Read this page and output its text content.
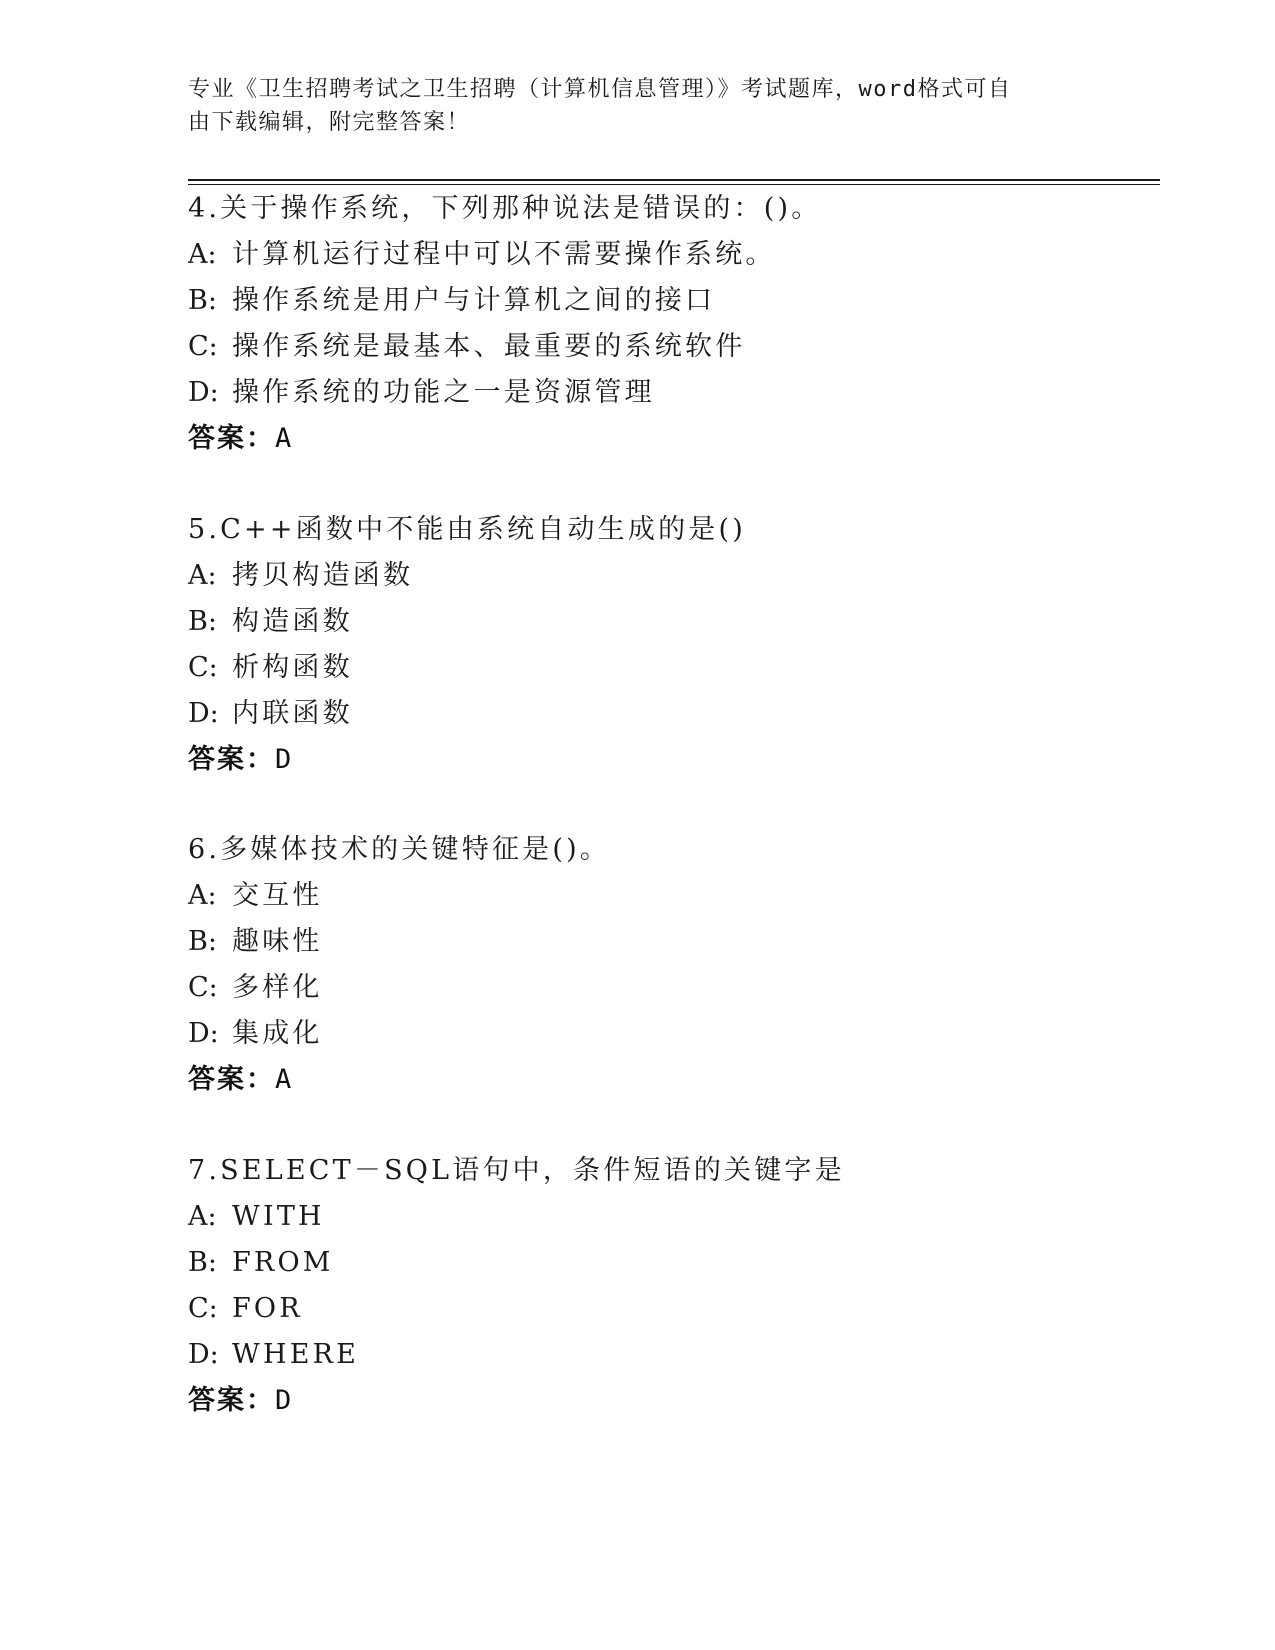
专业《卫生招聘考试之卫生招聘（计算机信息管理）》考试题库，word格式可自
由下载编辑，附完整答案！
4.关于操作系统，下列那种说法是错误的：()。
A: 计算机运行过程中可以不需要操作系统。
B: 操作系统是用户与计算机之间的接口
C: 操作系统是最基本、最重要的系统软件
D: 操作系统的功能之一是资源管理
答案：A
5.C++函数中不能由系统自动生成的是()
A: 拷贝构造函数
B: 构造函数
C: 析构函数
D: 内联函数
答案：D
6.多媒体技术的关键特征是()。
A: 交互性
B: 趣味性
C: 多样化
D: 集成化
答案：A
7.SELECT－SQL语句中，条件短语的关键字是
A: WITH
B: FROM
C: FOR
D: WHERE
答案：D
